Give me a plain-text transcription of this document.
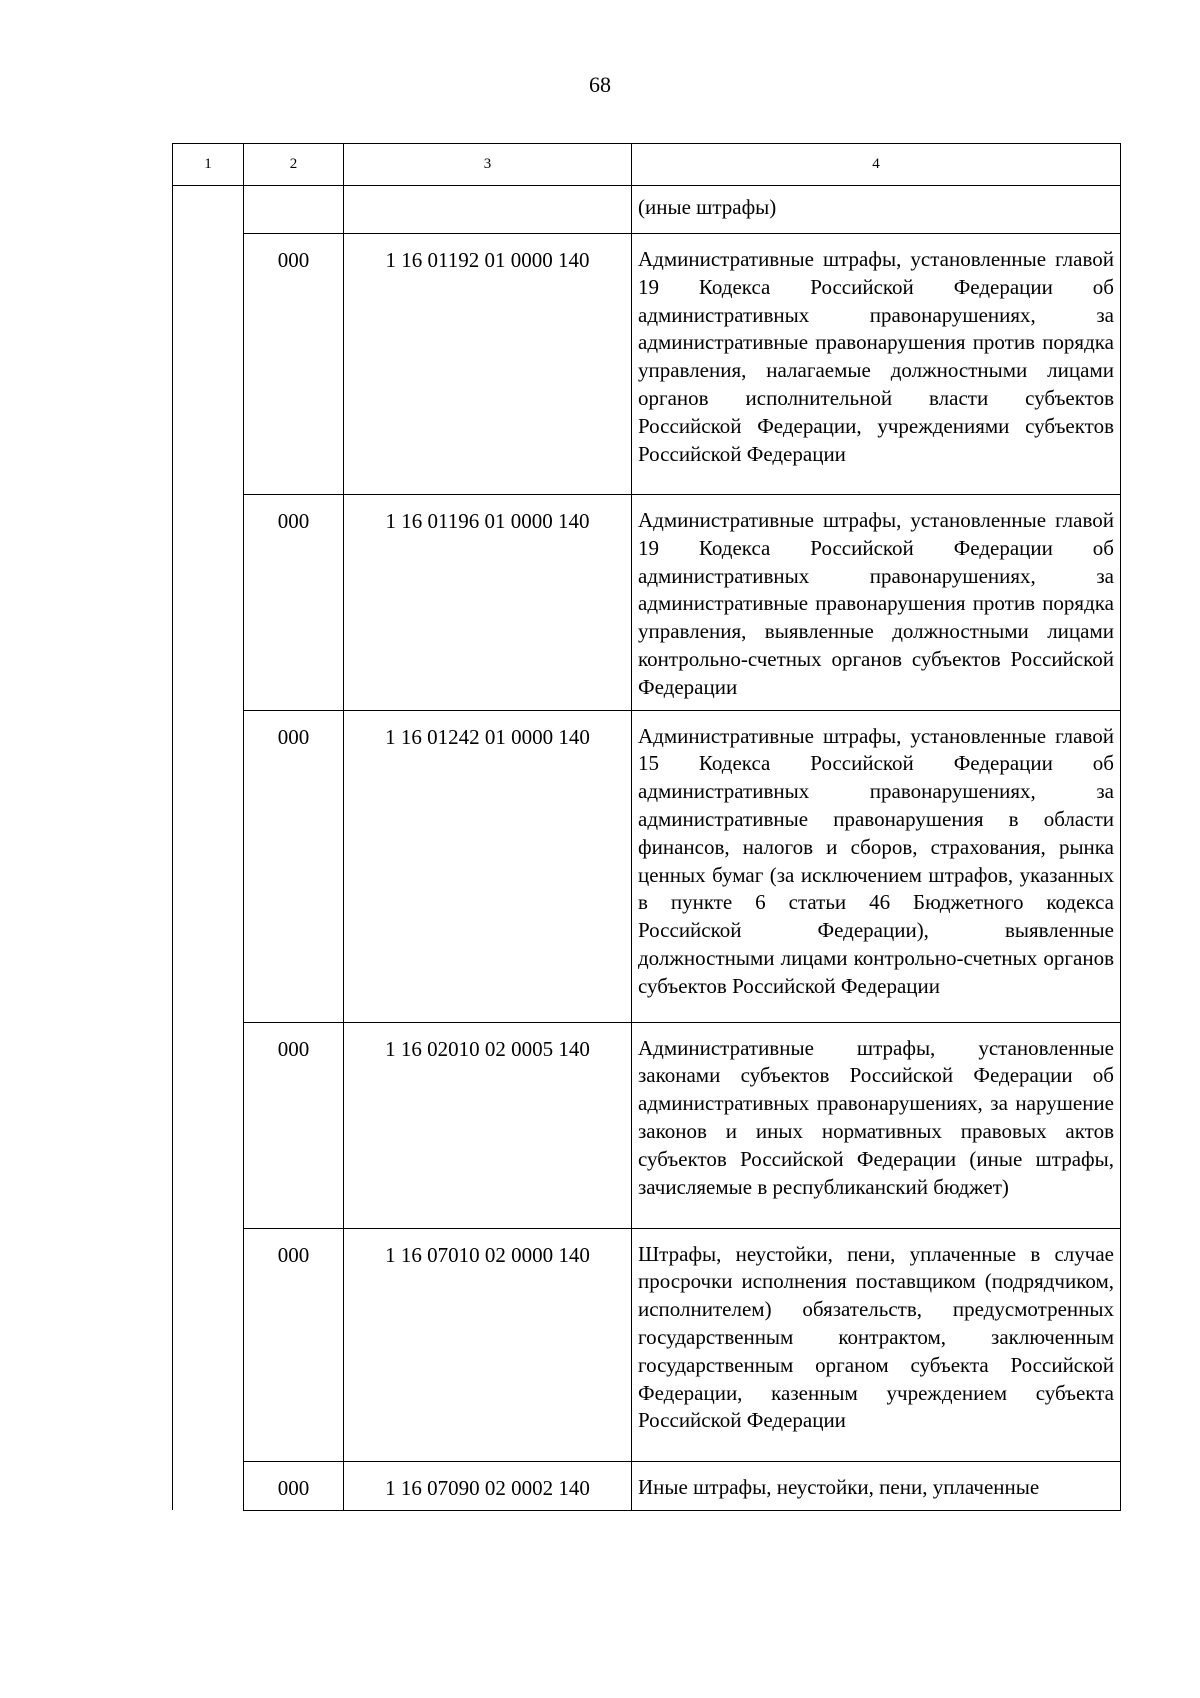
68
1	2	3	4
			(иные штрафы)
	000	1 16 01192 01 0000 140	Административные штрафы, установленные главой 19 Кодекса Российской Федерации об административных правонарушениях, за административные правонарушения против порядка управления, налагаемые должностными лицами органов исполнительной власти субъектов Российской Федерации, учреждениями субъектов Российской Федерации
	000	1 16 01196 01 0000 140	Административные штрафы, установленные главой 19 Кодекса Российской Федерации об административных правонарушениях, за административные правонарушения против порядка управления, выявленные должностными лицами контрольно-счетных органов субъектов Российской Федерации
	000	1 16 01242 01 0000 140	Административные штрафы, установленные главой 15 Кодекса Российской Федерации об административных правонарушениях, за административные правонарушения в области финансов, налогов и сборов, страхования, рынка ценных бумаг (за исключением штрафов, указанных в пункте 6 статьи 46 Бюджетного кодекса Российской Федерации), выявленные должностными лицами контрольно-счетных органов субъектов Российской Федерации
	000	1 16 02010 02 0005 140	Административные штрафы, установленные законами субъектов Российской Федерации об административных правонарушениях, за нарушение законов и иных нормативных правовых актов субъектов Российской Федерации (иные штрафы, зачисляемые в республиканский бюджет)
	000	1 16 07010 02 0000 140	Штрафы, неустойки, пени, уплаченные в случае просрочки исполнения поставщиком (подрядчиком, исполнителем) обязательств, предусмотренных государственным контрактом, заключенным государственным органом субъекта Российской Федерации, казенным учреждением субъекта Российской Федерации
	000	1 16 07090 02 0002 140	Иные штрафы, неустойки, пени, уплаченные
